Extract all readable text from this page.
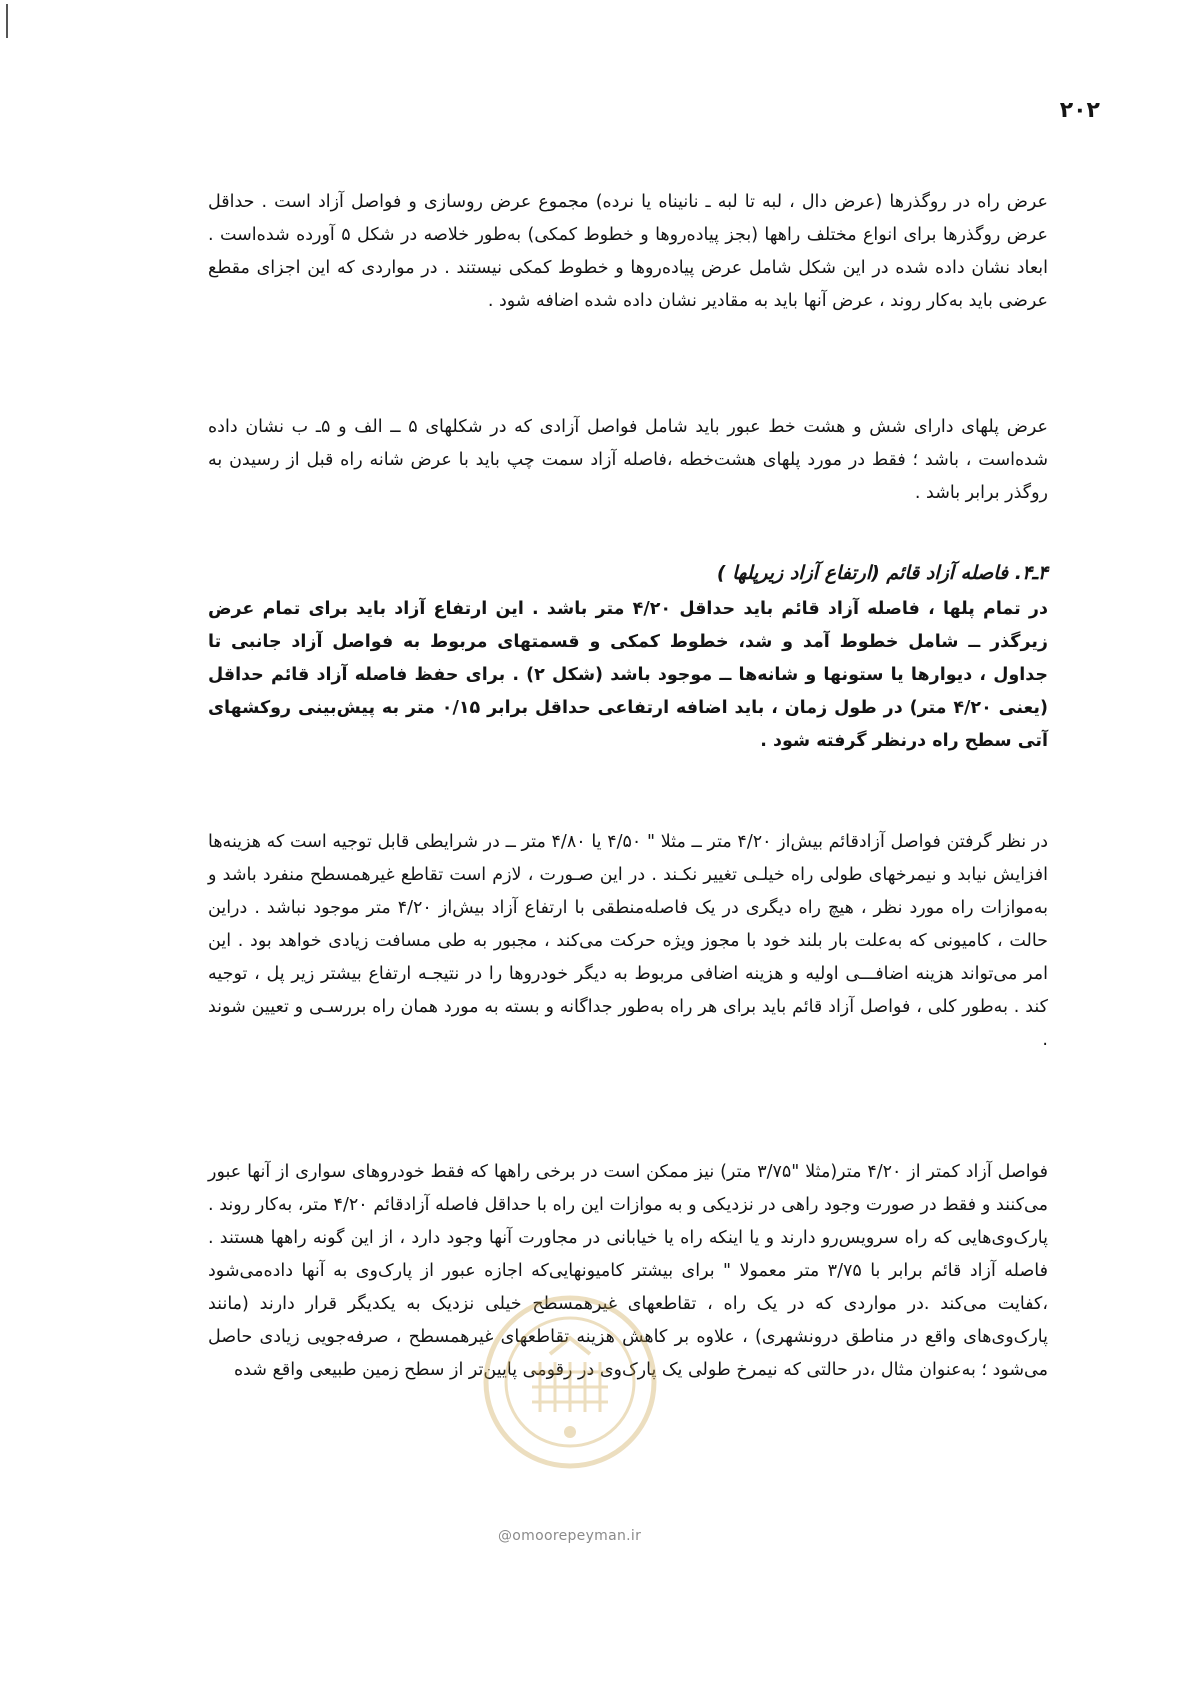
۲۰۲

عرض راه در روگذرها (عرض دال ، لبه تا لبه ـ نانیناه یا نرده) مجموع عرض روسازی و فواصل آزاد است . حداقل عرض روگذرها برای انواع مختلف راهها (بجز پیاده‌روها و خطوط کمکی) به‌طور خلاصه در شکل ۵ آورده شده‌است . ابعاد نشان داده شده در این شکل شامل عرض پیاده‌روها و خطوط کمکی نیستند . در مواردی که این اجزای مقطع عرضی باید به‌کار روند ، عرض آنها باید به مقادیر نشان داده شده اضافه شود .

عرض پلهای دارای شش و هشت خط عبور باید شامل فواصل آزادی که در شکلهای ۵ ــ الف و ۵ـ ب نشان داده شده‌است ، باشد ؛ فقط در مورد پلهای هشت‌خطه ،فاصله آزاد سمت چپ باید با عرض شانه راه قبل از رسیدن به روگذر برابر باشد .

۴ـ۴. فاصله آزاد قائم (ارتفاع آزاد زیرپلها )

در تمام پلها ، فاصله آزاد قائم باید حداقل ۴/۲۰ متر باشد . این ارتفاع آزاد باید برای تمام عرض زیرگذر ــ شامل خطوط آمد و شد، خطوط کمکی و قسمتهای مربوط به فواصل آزاد جانبی تا جداول ، دیوارها یا ستونها و شانه‌ها ــ موجود باشد (شکل ۲) . برای حفظ فاصله آزاد قائم حداقل (یعنی ۴/۲۰ متر) در طول زمان ، باید اضافه ارتفاعی حداقل برابر ۰/۱۵ متر به پیش‌بینی روکشهای آتی سطح راه درنظر گرفته شود .

در نظر گرفتن فواصل آزادقائم بیش‌از ۴/۲۰ متر ــ مثلا " ۴/۵۰ یا ۴/۸۰ متر ــ در شرایطی قابل توجیه است که هزینه‌ها افزایش نیابد و نیمرخهای طولی راه خیلـی تغییر نکـند . در این صـورت ، لازم است تقاطع غیرهمسطح منفرد باشد و به‌موازات راه مورد نظر ، هیچ راه دیگری در یک فاصله‌منطقی با ارتفاع آزاد بیش‌از ۴/۲۰ متر موجود نباشد . دراین حالت ، کامیونی که به‌علت بار بلند خود با مجوز ویژه حرکت می‌کند ، مجبور به طی مسافت زیادی خواهد بود . این امر می‌تواند هزینه اضافـــی اولیه و هزینه اضافی مربوط به دیگر خودروها را در نتیجـه ارتفاع بیشتر زیر پل ، توجیه کند . به‌طور کلی ، فواصل آزاد قائم باید برای هر راه به‌طور جداگانه و بسته به مورد همان راه بررسـی و تعیین شوند .

فواصل آزاد کمتر از ۴/۲۰ متر(مثلا "۳/۷۵ متر) نیز ممکن است در برخی راهها که فقط خودروهای سواری از آنها عبور می‌کنند و فقط در صورت وجود راهی در نزدیکی و به موازات این راه با حداقل فاصله آزادقائم ۴/۲۰ متر، به‌کار روند . پارک‌وی‌هایی که راه سرویس‌رو دارند و یا اینکه راه یا خیابانی در مجاورت آنها وجود دارد ، از این گونه راهها هستند . فاصله آزاد قائم برابر با ۳/۷۵ متر معمولا " برای بیشتر کامیونهایی‌که اجازه عبور از پارک‌وی به آنها داده‌می‌شود ،کفایت می‌کند .در مواردی که در یک راه ، تقاطعهای غیرهمسطح خیلی نزدیک به یکدیگر قرار دارند (مانند پارک‌وی‌های واقع در مناطق درونشهری) ، علاوه بر کاهش هزینه تقاطعهای غیرهمسطح ، صرفه‌جویی زیادی حاصل می‌شود ؛ به‌عنوان مثال ،در حالتی که نیمرخ طولی یک پارک‌وی در رقومی پایین‌تر از سطح زمین طبیعی واقع شده

@omoorepeyman.ir
